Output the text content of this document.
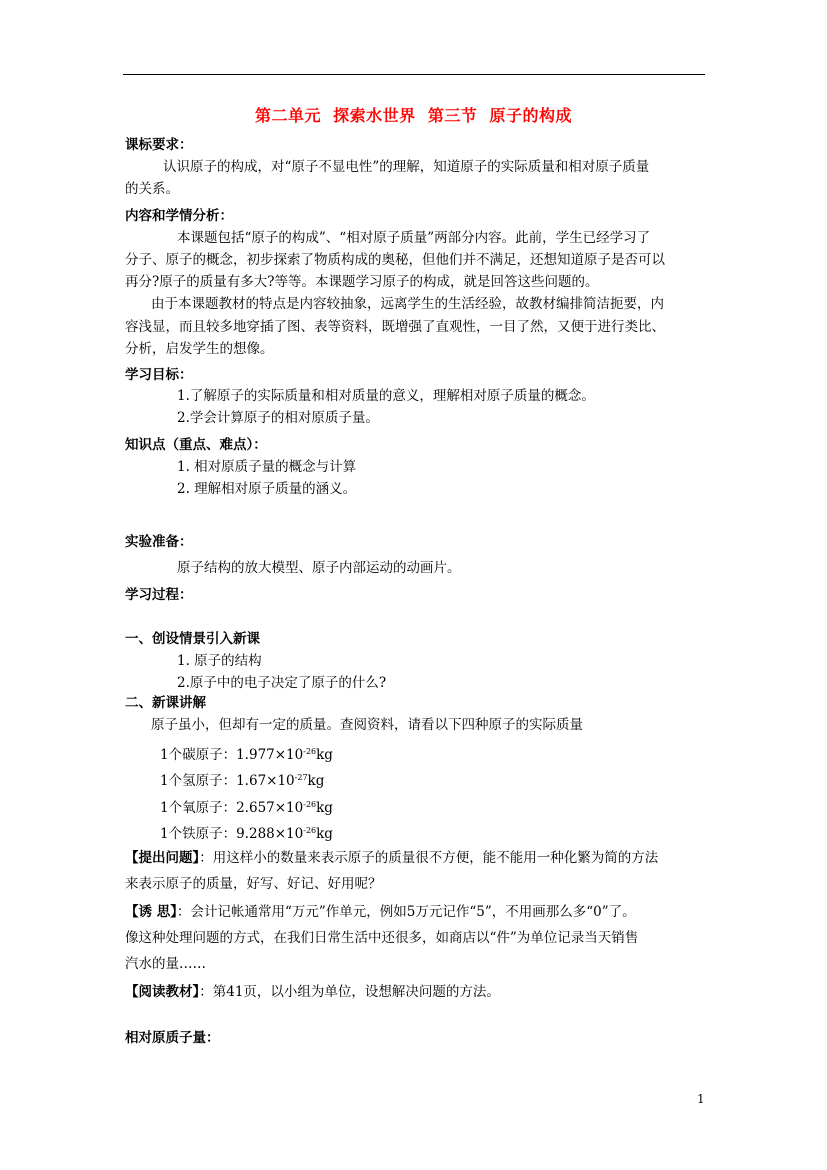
第二单元  探索水世界  第三节  原子的构成
课标要求：
认识原子的构成，对“原子不显电性”的理解，知道原子的实际质量和相对原子质量
的关系。
内容和学情分析：
本课题包括“原子的构成”、“相对原子质量”两部分内容。此前，学生已经学习了
分子、原子的概念，初步探索了物质构成的奥秘，但他们并不满足，还想知道原子是否可以
再分?原子的质量有多大?等等。本课题学习原子的构成，就是回答这些问题的。
由于本课题教材的特点是内容较抽象，远离学生的生活经验，故教材编排简洁扼要，内
容浅显，而且较多地穿插了图、表等资料，既增强了直观性，一目了然，又便于进行类比、
分析，启发学生的想像。
学习目标：
1.了解原子的实际质量和相对质量的意义，理解相对原子质量的概念。
2.学会计算原子的相对原质子量。
知识点（重点、难点）：
1. 相对原质子量的概念与计算
2. 理解相对原子质量的涵义。
实验准备：
原子结构的放大模型、原子内部运动的动画片。
学习过程：
一、创设情景引入新课
1. 原子的结构
2.原子中的电子决定了原子的什么?
二、新课讲解
原子虽小，但却有一定的质量。查阅资料，请看以下四种原子的实际质量
1个碳原子：$1.977\times 10^{-26}kg$
1个氢原子：$1.67\times 10^{-27}kg$
1个氧原子：$2.657\times 10^{-26}kg$
1个铁原子：$9.288\times 10^{-26}kg$
【提出问题】：用这样小的数量来表示原子的质量很不方便，能不能用一种化繁为简的方法
来表示原子的质量，好写、好记、好用呢？
【诱 思】：会计记帐通常用“万元”作单元，例如5万元记作“5”，不用画那么多“0”了。
像这种处理问题的方式，在我们日常生活中还很多，如商店以“件”为单位记录当天销售
汽水的量……
【阅读教材】：第41页，以小组为单位，设想解决问题的方法。
相对原质子量：
1
